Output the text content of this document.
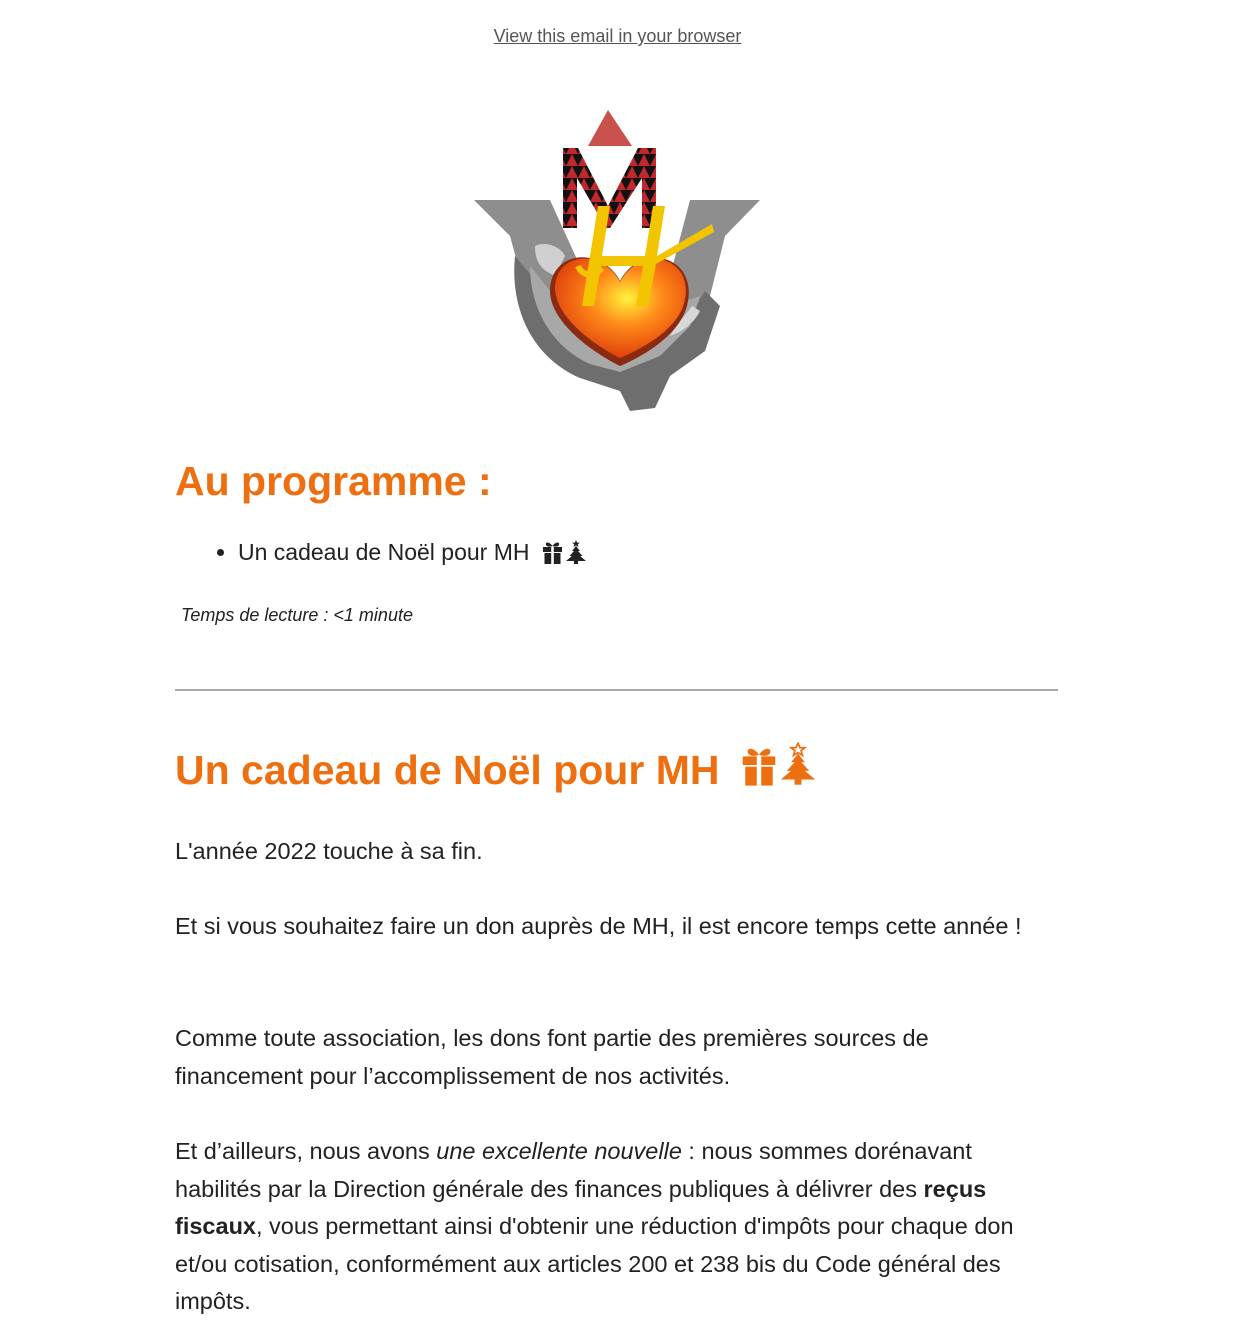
View this email in your browser
Au programme :
• Un cadeau de Noël pour MH
Temps de lecture : <1 minute
Un cadeau de Noël pour MH

L'année 2022 touche à sa fin.

Et si vous souhaitez faire un don auprès de MH, il est encore temps cette année !

Comme toute association, les dons font partie des premières sources de financement pour l’accomplissement de nos activités.

Et d’ailleurs, nous avons une excellente nouvelle : nous sommes dorénavant habilités par la Direction générale des finances publiques à délivrer des reçus fiscaux, vous permettant ainsi d'obtenir une réduction d'impôts pour chaque don et/ou cotisation, conformément aux articles 200 et 238 bis du Code général des impôts.
